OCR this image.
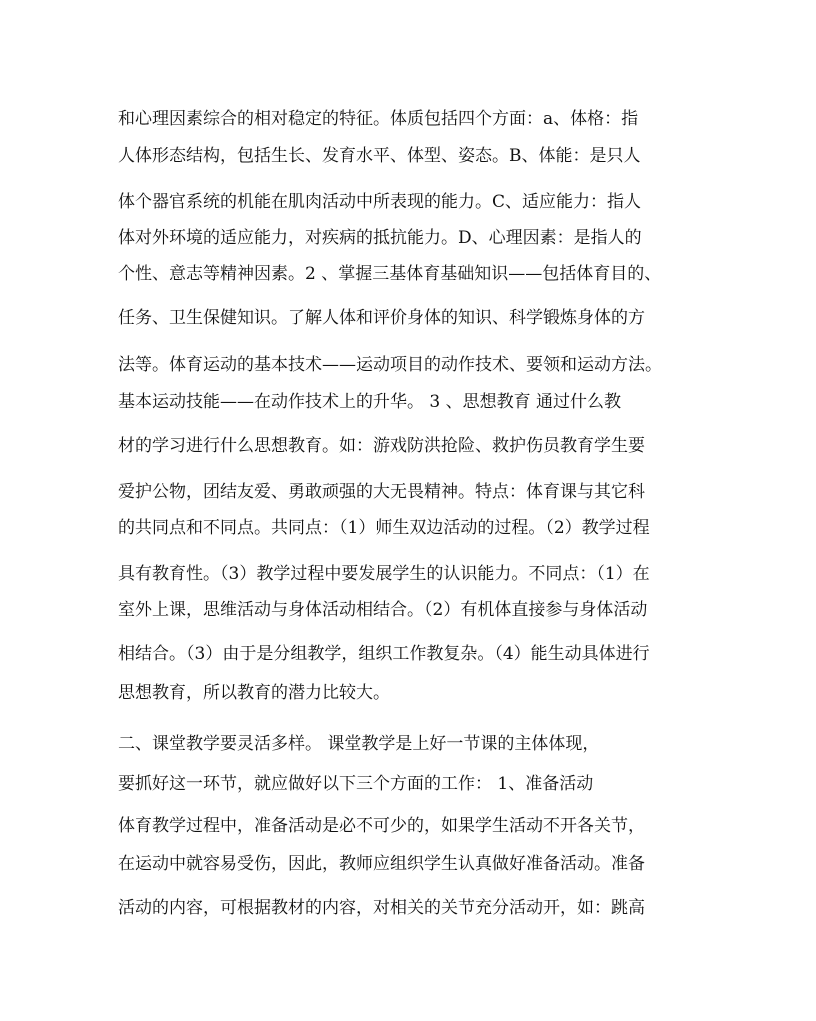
和心理因素综合的相对稳定的特征。体质包括四个方面：a、体格：指
人体形态结构，包括生长、发育水平、体型、姿态。B、体能：是只人
体个器官系统的机能在肌肉活动中所表现的能力。C、适应能力：指人
体对外环境的适应能力，对疾病的抵抗能力。D、心理因素：是指人的
个性、意志等精神因素。2 、掌握三基体育基础知识——包括体育目的、
任务、卫生保健知识。了解人体和评价身体的知识、科学锻炼身体的方
法等。体育运动的基本技术——运动项目的动作技术、要领和运动方法。
基本运动技能——在动作技术上的升华。 3 、思想教育 通过什么教
材的学习进行什么思想教育。如：游戏防洪抢险、救护伤员教育学生要
爱护公物，团结友爱、勇敢顽强的大无畏精神。特点：体育课与其它科
的共同点和不同点。共同点：（1）师生双边活动的过程。（2）教学过程
具有教育性。（3）教学过程中要发展学生的认识能力。不同点：（1）在
室外上课，思维活动与身体活动相结合。（2）有机体直接参与身体活动
相结合。（3）由于是分组教学，组织工作教复杂。（4）能生动具体进行
思想教育，所以教育的潜力比较大。
二、课堂教学要灵活多样。 课堂教学是上好一节课的主体体现，
要抓好这一环节，就应做好以下三个方面的工作： 1、准备活动
体育教学过程中，准备活动是必不可少的，如果学生活动不开各关节，
在运动中就容易受伤，因此，教师应组织学生认真做好准备活动。准备
活动的内容，可根据教材的内容，对相关的关节充分活动开，如：跳高
